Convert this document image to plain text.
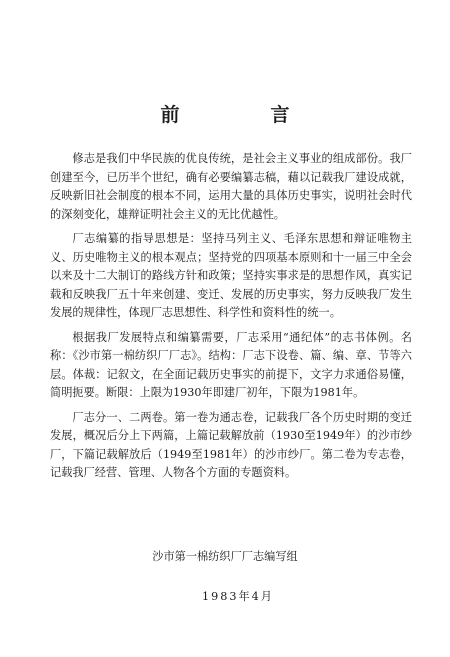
前　言

修志是我们中华民族的优良传统，是社会主义事业的组成部份。我厂创建至今，已历半个世纪，确有必要编纂志稿，藉以记载我厂建设成就，反映新旧社会制度的根本不同，运用大量的具体历史事实，说明社会时代的深刻变化，雄辩证明社会主义的无比优越性。

厂志编纂的指导思想是：坚持马列主义、毛泽东思想和辩证唯物主义、历史唯物主义的根本观点；坚持党的四项基本原则和十一届三中全会以来及十二大制订的路线方针和政策；坚持实事求是的思想作风，真实记载和反映我厂五十年来创建、变迁、发展的历史事实，努力反映我厂发生发展的规律性，体现厂志思想性、科学性和资料性的统一。

根据我厂发展特点和编纂需要，厂志采用“通纪体”的志书体例。名称：《沙市第一棉纺织厂厂志》。结构：厂志下设卷、篇、编、章、节等六层。体裁：记叙文，在全面记载历史事实的前提下，文字力求通俗易懂，简明扼要。断限：上限为1930年即建厂初年，下限为1981年。

厂志分一、二两卷。第一卷为通志卷，记载我厂各个历史时期的变迁发展，概况后分上下两篇，上篇记载解放前（1930至1949年）的沙市纱厂，下篇记载解放后（1949至1981年）的沙市纱厂。第二卷为专志卷，记载我厂经营、管理、人物各个方面的专题资料。

沙市第一棉纺织厂厂志编写组
1983年4月
